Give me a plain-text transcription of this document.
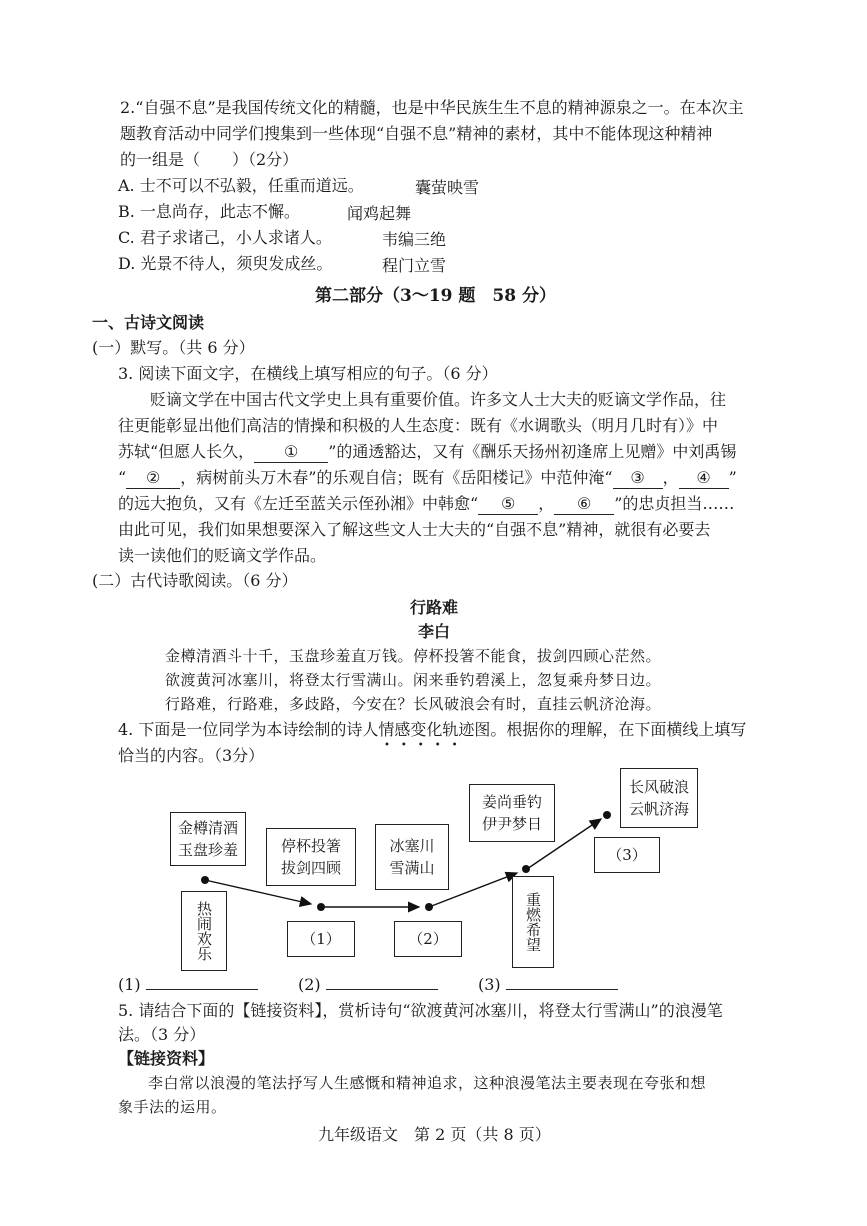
2.“自强不息”是我国传统文化的精髓，也是中华民族生生不息的精神源泉之一。在本次主
题教育活动中同学们搜集到一些体现“自强不息”精神的素材，其中不能体现这种精神
的一组是（　　）（2分）
A. 士不可以不弘毅，任重而道远。	囊萤映雪
B. 一息尚存，此志不懈。	闻鸡起舞
C. 君子求诸己，小人求诸人。	韦编三绝
D. 光景不待人，须臾发成丝。	程门立雪
第二部分（3～19 题　58 分）
一、古诗文阅读
(一）默写。（共 6 分）
3. 阅读下面文字，在横线上填写相应的句子。（6 分）
贬谪文学在中国古代文学史上具有重要价值。许多文人士大夫的贬谪文学作品，往
往更能彰显出他们高洁的情操和积极的人生态度：既有《水调歌头（明月几时有）》中
苏轼“但愿人长久， ① ”的通透豁达，又有《酬乐天扬州初逢席上见赠》中刘禹锡
“ ② ，病树前头万木春”的乐观自信；既有《岳阳楼记》中范仲淹“ ③ ， ④ ”
的远大抱负，又有《左迁至蓝关示侄孙湘》中韩愈“ ⑤ ， ⑥ ”的忠贞担当……
由此可见，我们如果想要深入了解这些文人士大夫的“自强不息”精神，就很有必要去
读一读他们的贬谪文学作品。
(二）古代诗歌阅读。（6 分）
行路难
李白
金樽清酒斗十千，玉盘珍羞直万钱。停杯投箸不能食，拔剑四顾心茫然。
欲渡黄河冰塞川，将登太行雪满山。闲来垂钓碧溪上，忽复乘舟梦日边。
行路难，行路难，多歧路，今安在？长风破浪会有时，直挂云帆济沧海。
4. 下面是一位同学为本诗绘制的诗人情感变化轨迹图。根据你的理解，在下面横线上填写
•••••
恰当的内容。（3分）
金樽清酒
玉盘珍羞
热闹欢乐
停杯投箸
拔剑四顾
（1）
冰塞川
雪满山
（2）
姜尚垂钓
伊尹梦日
重燃希望
长风破浪
云帆济海
（3）
(1)	(2)	(3)
5. 请结合下面的【链接资料】，赏析诗句“欲渡黄河冰塞川，将登太行雪满山”的浪漫笔
法。（3 分）
【链接资料】
李白常以浪漫的笔法抒写人生感慨和精神追求，这种浪漫笔法主要表现在夸张和想
象手法的运用。
九年级语文　第 2 页（共 8 页）
